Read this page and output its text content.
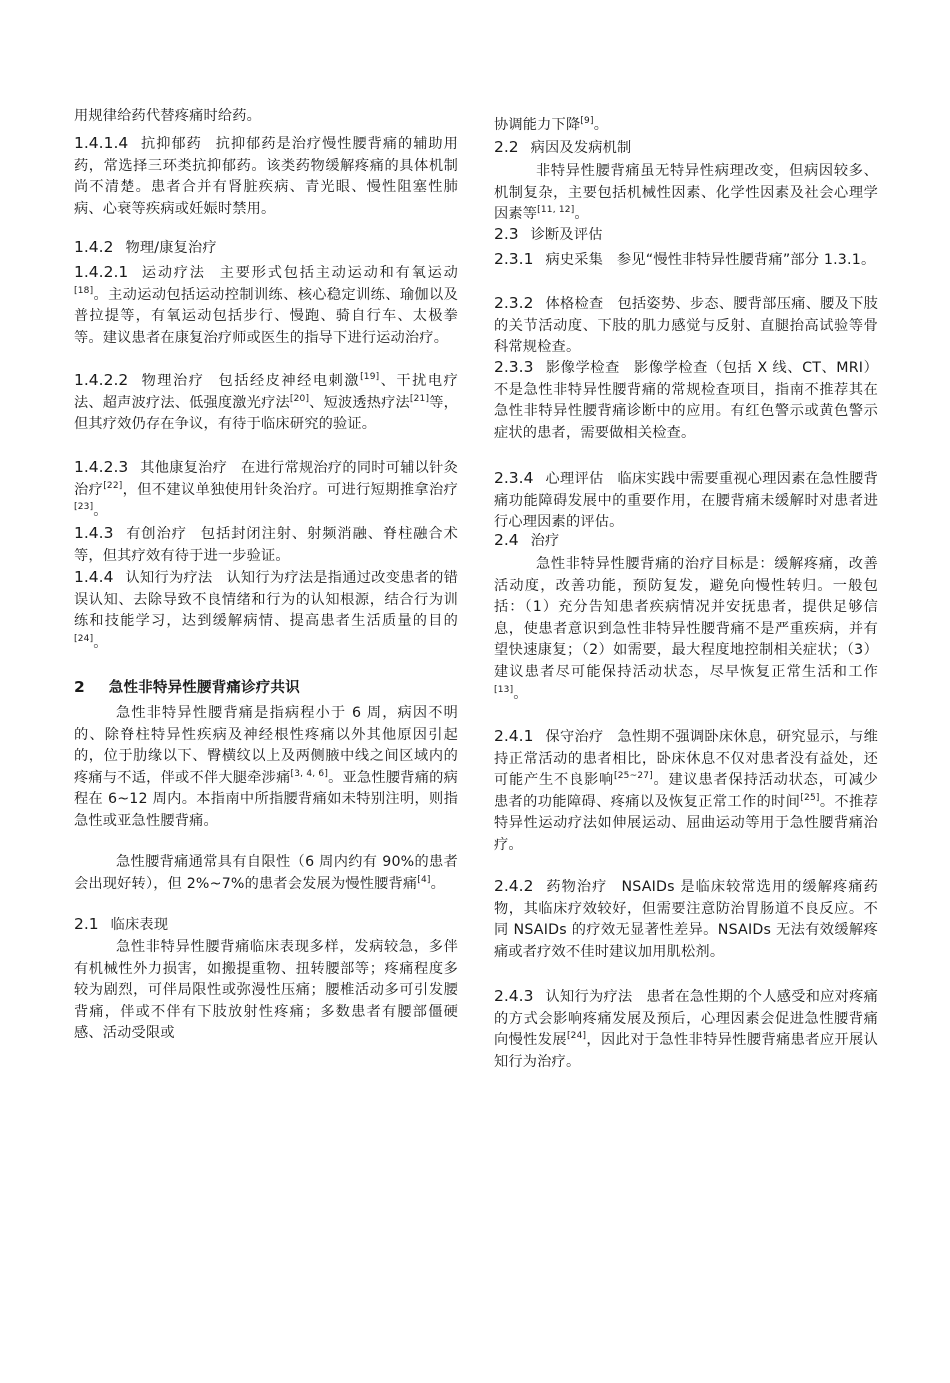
用规律给药代替疼痛时给药。
1.4.1.4 抗抑郁药 抗抑郁药是治疗慢性腰背痛的辅助用药，常选择三环类抗抑郁药。该类药物缓解疼痛的具体机制尚不清楚。患者合并有肾脏疾病、青光眼、慢性阻塞性肺病、心衰等疾病或妊娠时禁用。
1.4.2 物理/康复治疗
1.4.2.1 运动疗法 主要形式包括主动运动和有氧运动[18]。主动运动包括运动控制训练、核心稳定训练、瑜伽以及普拉提等，有氧运动包括步行、慢跑、骑自行车、太极拳等。建议患者在康复治疗师或医生的指导下进行运动治疗。
1.4.2.2 物理治疗 包括经皮神经电刺激[19]、干扰电疗法、超声波疗法、低强度激光疗法[20]、短波透热疗法[21]等，但其疗效仍存在争议，有待于临床研究的验证。
1.4.2.3 其他康复治疗 在进行常规治疗的同时可辅以针灸治疗[22]，但不建议单独使用针灸治疗。可进行短期推拿治疗[23]。
1.4.3 有创治疗 包括封闭注射、射频消融、脊柱融合术等，但其疗效有待于进一步验证。
1.4.4 认知行为疗法 认知行为疗法是指通过改变患者的错误认知、去除导致不良情绪和行为的认知根源，结合行为训练和技能学习，达到缓解病情、提高患者生活质量的目的[24]。
2 急性非特异性腰背痛诊疗共识
急性非特异性腰背痛是指病程小于 6 周，病因不明的、除脊柱特异性疾病及神经根性疼痛以外其他原因引起的，位于肋缘以下、臀横纹以上及两侧腋中线之间区域内的疼痛与不适，伴或不伴大腿牵涉痛[3, 4, 6]。亚急性腰背痛的病程在 6~12 周内。本指南中所指腰背痛如未特别注明，则指急性或亚急性腰背痛。
急性腰背痛通常具有自限性（6 周内约有 90%的患者会出现好转），但 2%~7%的患者会发展为慢性腰背痛[4]。
2.1 临床表现
急性非特异性腰背痛临床表现多样，发病较急，多伴有机械性外力损害，如搬提重物、扭转腰部等；疼痛程度多较为剧烈，可伴局限性或弥漫性压痛；腰椎活动多可引发腰背痛，伴或不伴有下肢放射性疼痛；多数患者有腰部僵硬感、活动受限或
协调能力下降[9]。
2.2 病因及发病机制
非特异性腰背痛虽无特异性病理改变，但病因较多、机制复杂，主要包括机械性因素、化学性因素及社会心理学因素等[11, 12]。
2.3 诊断及评估
2.3.1 病史采集 参见“慢性非特异性腰背痛”部分 1.3.1。
2.3.2 体格检查 包括姿势、步态、腰背部压痛、腰及下肢的关节活动度、下肢的肌力感觉与反射、直腿抬高试验等骨科常规检查。
2.3.3 影像学检查 影像学检查（包括 X 线、CT、MRI）不是急性非特异性腰背痛的常规检查项目，指南不推荐其在急性非特异性腰背痛诊断中的应用。有红色警示或黄色警示症状的患者，需要做相关检查。
2.3.4 心理评估 临床实践中需要重视心理因素在急性腰背痛功能障碍发展中的重要作用，在腰背痛未缓解时对患者进行心理因素的评估。
2.4 治疗
急性非特异性腰背痛的治疗目标是：缓解疼痛，改善活动度，改善功能，预防复发，避免向慢性转归。一般包括：（1）充分告知患者疾病情况并安抚患者，提供足够信息，使患者意识到急性非特异性腰背痛不是严重疾病，并有望快速康复；（2）如需要，最大程度地控制相关症状；（3）建议患者尽可能保持活动状态，尽早恢复正常生活和工作[13]。
2.4.1 保守治疗 急性期不强调卧床休息，研究显示，与维持正常活动的患者相比，卧床休息不仅对患者没有益处，还可能产生不良影响[25~27]。建议患者保持活动状态，可减少患者的功能障碍、疼痛以及恢复正常工作的时间[25]。不推荐特异性运动疗法如伸展运动、屈曲运动等用于急性腰背痛治疗。
2.4.2 药物治疗 NSAIDs 是临床较常选用的缓解疼痛药物，其临床疗效较好，但需要注意防治胃肠道不良反应。不同 NSAIDs 的疗效无显著性差异。NSAIDs 无法有效缓解疼痛或者疗效不佳时建议加用肌松剂。
2.4.3 认知行为疗法 患者在急性期的个人感受和应对疼痛的方式会影响疼痛发展及预后，心理因素会促进急性腰背痛向慢性发展[24]，因此对于急性非特异性腰背痛患者应开展认知行为治疗。
